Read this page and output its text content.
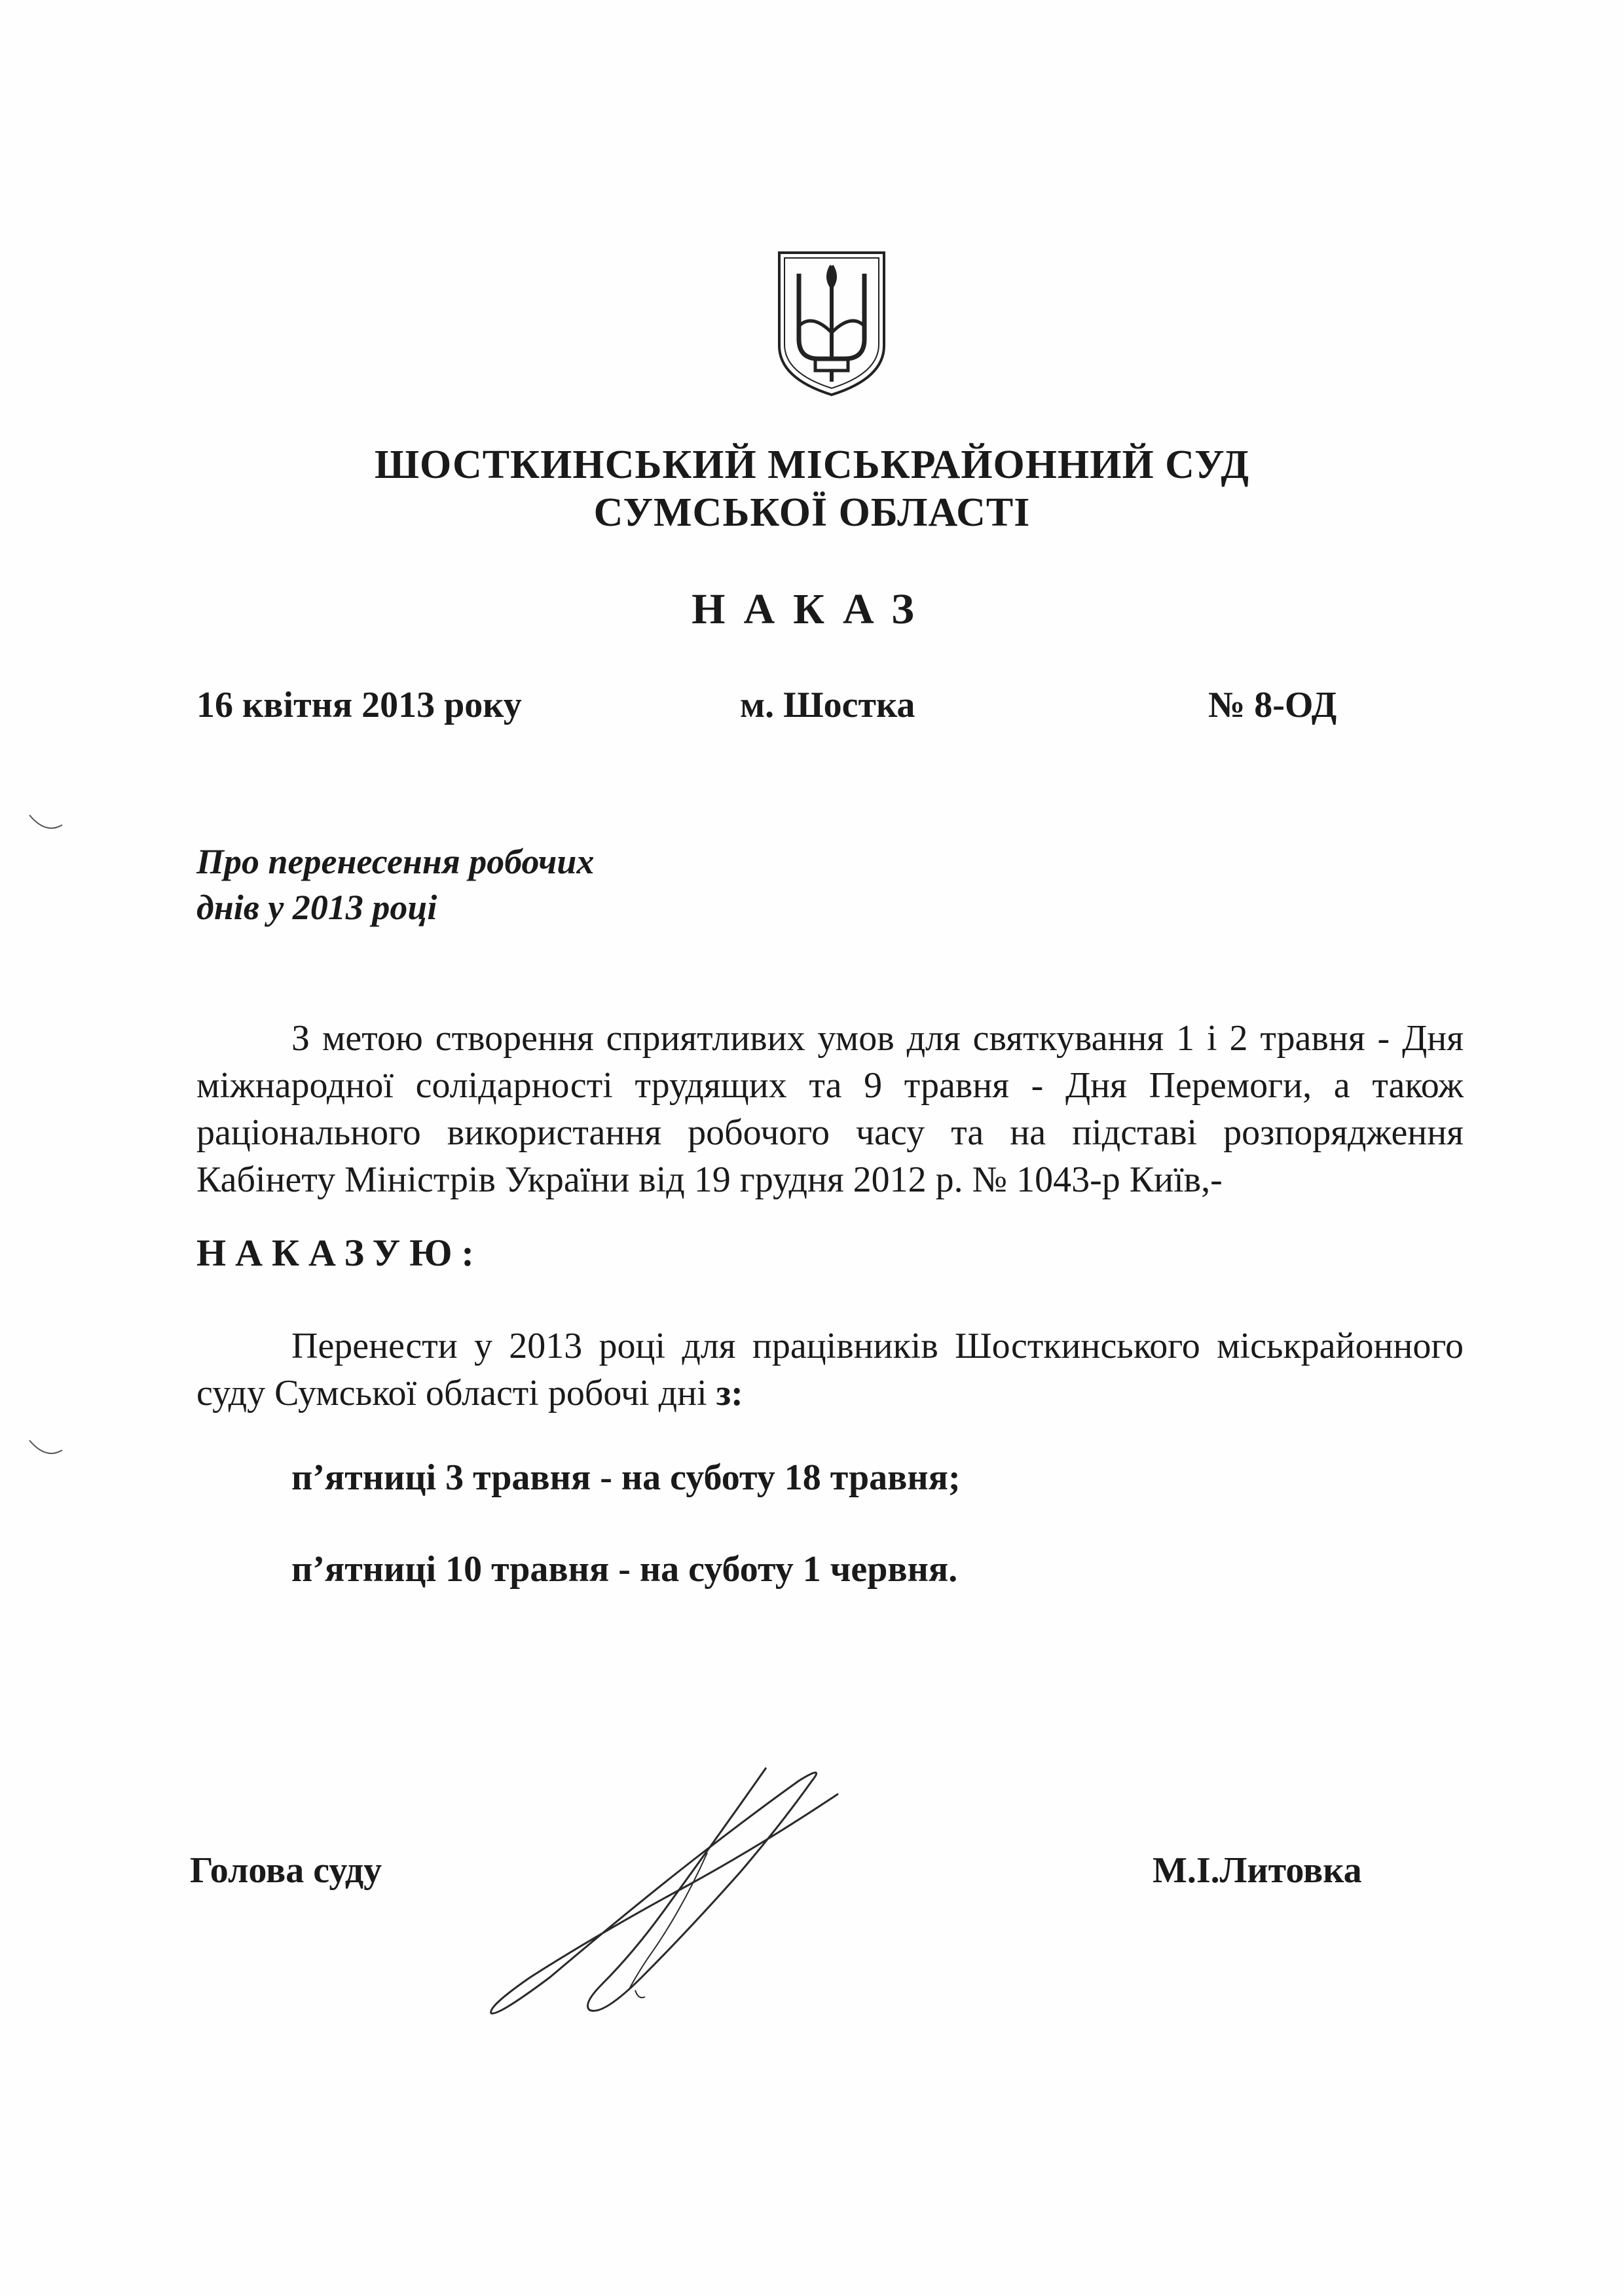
ШОСТКИНСЬКИЙ МІСЬКРАЙОННИЙ СУД
СУМСЬКОЇ ОБЛАСТІ
НАКАЗ
16 квітня 2013 року	м. Шостка	№ 8-ОД
Про перенесення робочих
днів у 2013 році
З метою створення сприятливих умов для святкування 1 і 2 травня - Дня міжнародної солідарності трудящих та 9 травня - Дня Перемоги, а також раціонального використання робочого часу та на підставі розпорядження Кабінету Міністрів України від 19 грудня 2012 р. № 1043-р Київ,-
НАКАЗУЮ:
Перенести у 2013 році для працівників Шосткинського міськрайонного суду Сумської області робочі дні з:
п’ятниці 3 травня - на суботу 18 травня;
п’ятниці 10 травня - на суботу 1 червня.
Голова суду	М.І.Литовка
